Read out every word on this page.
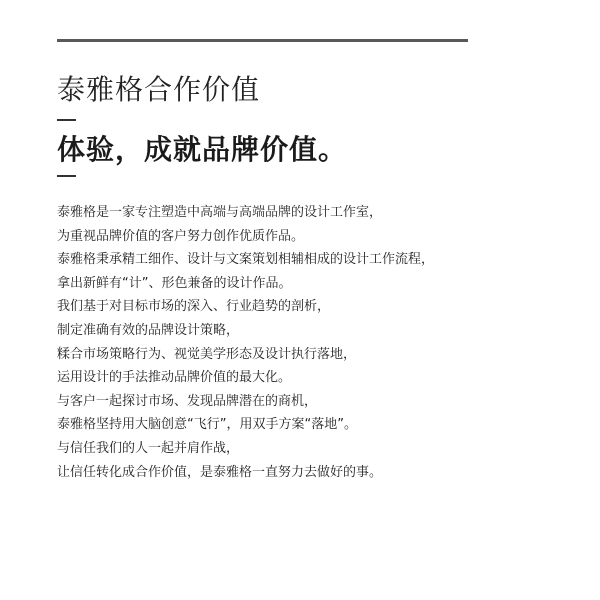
泰雅格合作价值
体验，成就品牌价值。
泰雅格是一家专注塑造中高端与高端品牌的设计工作室，
为重视品牌价值的客户努力创作优质作品。
泰雅格秉承精工细作、设计与文案策划相辅相成的设计工作流程，
拿出新鲜有“计”、形色兼备的设计作品。
我们基于对目标市场的深入、行业趋势的剖析，
制定准确有效的品牌设计策略，
糅合市场策略行为、视觉美学形态及设计执行落地，
运用设计的手法推动品牌价值的最大化。
与客户一起探讨市场、发现品牌潜在的商机，
泰雅格坚持用大脑创意“飞行”，用双手方案“落地”。
与信任我们的人一起并肩作战，
让信任转化成合作价值，是泰雅格一直努力去做好的事。
